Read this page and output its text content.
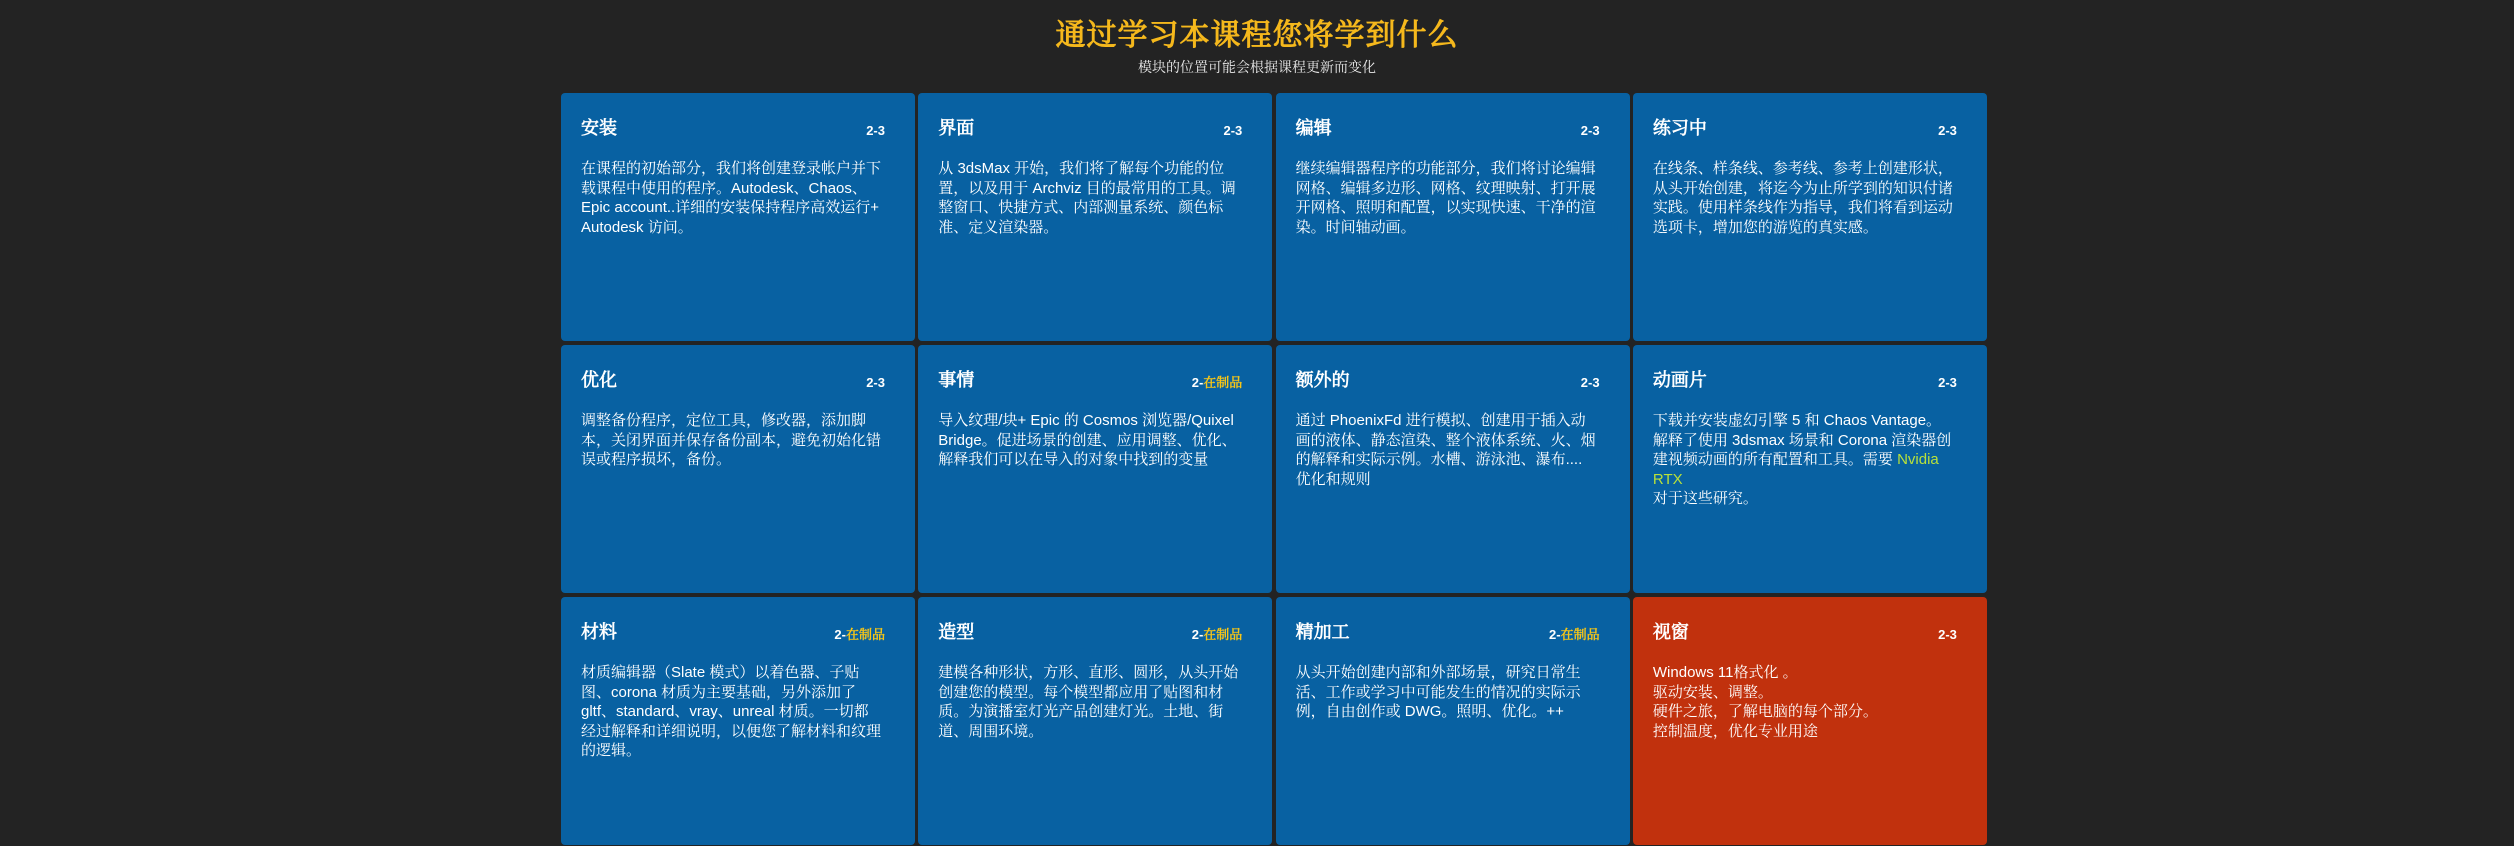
通过学习本课程您将学到什么
模块的位置可能会根据课程更新而变化
安装	2-3
在课程的初始部分，我们将创建登录帐户并下载课程中使用的程序。Autodesk、Chaos、Epic account..详细的安装保持程序高效运行+ Autodesk 访问。
界面	2-3
从 3dsMax 开始，我们将了解每个功能的位置，以及用于 Archviz 目的最常用的工具。调整窗口、快捷方式、内部测量系统、颜色标准、定义渲染器。
编辑	2-3
继续编辑器程序的功能部分，我们将讨论编辑网格、编辑多边形、网格、纹理映射、打开展开网格、照明和配置，以实现快速、干净的渲染。时间轴动画。
练习中	2-3
在线条、样条线、参考线、参考上创建形状，从头开始创建，将迄今为止所学到的知识付诸实践。使用样条线作为指导，我们将看到运动选项卡，增加您的游览的真实感。
优化	2-3
调整备份程序，定位工具，修改器，添加脚本，关闭界面并保存备份副本，避免初始化错误或程序损坏，备份。
事情	2-在制品
导入纹理/块+ Epic 的 Cosmos 浏览器/Quixel Bridge。促进场景的创建、应用调整、优化、解释我们可以在导入的对象中找到的变量
额外的	2-3
通过 PhoenixFd 进行模拟、创建用于插入动画的液体、静态渲染、整个液体系统、火、烟的解释和实际示例。水槽、游泳池、瀑布....优化和规则
动画片	2-3
下载并安装虚幻引擎 5 和 Chaos Vantage。解释了使用 3dsmax 场景和 Corona 渲染器创建视频动画的所有配置和工具。需要 Nvidia RTX
对于这些研究。
材料	2-在制品
材质编辑器（Slate 模式）以着色器、子贴图、corona 材质为主要基础，另外添加了 gltf、standard、vray、unreal 材质。一切都经过解释和详细说明，以便您了解材料和纹理的逻辑。
造型	2-在制品
建模各种形状，方形、直形、圆形，从头开始创建您的模型。每个模型都应用了贴图和材质。为演播室灯光产品创建灯光。土地、街道、周围环境。
精加工	2-在制品
从头开始创建内部和外部场景，研究日常生活、工作或学习中可能发生的情况的实际示例，自由创作或 DWG。照明、优化。++
视窗	2-3
Windows 11格式化 。
驱动安装、调整。
硬件之旅，了解电脑的每个部分。
控制温度，优化专业用途
